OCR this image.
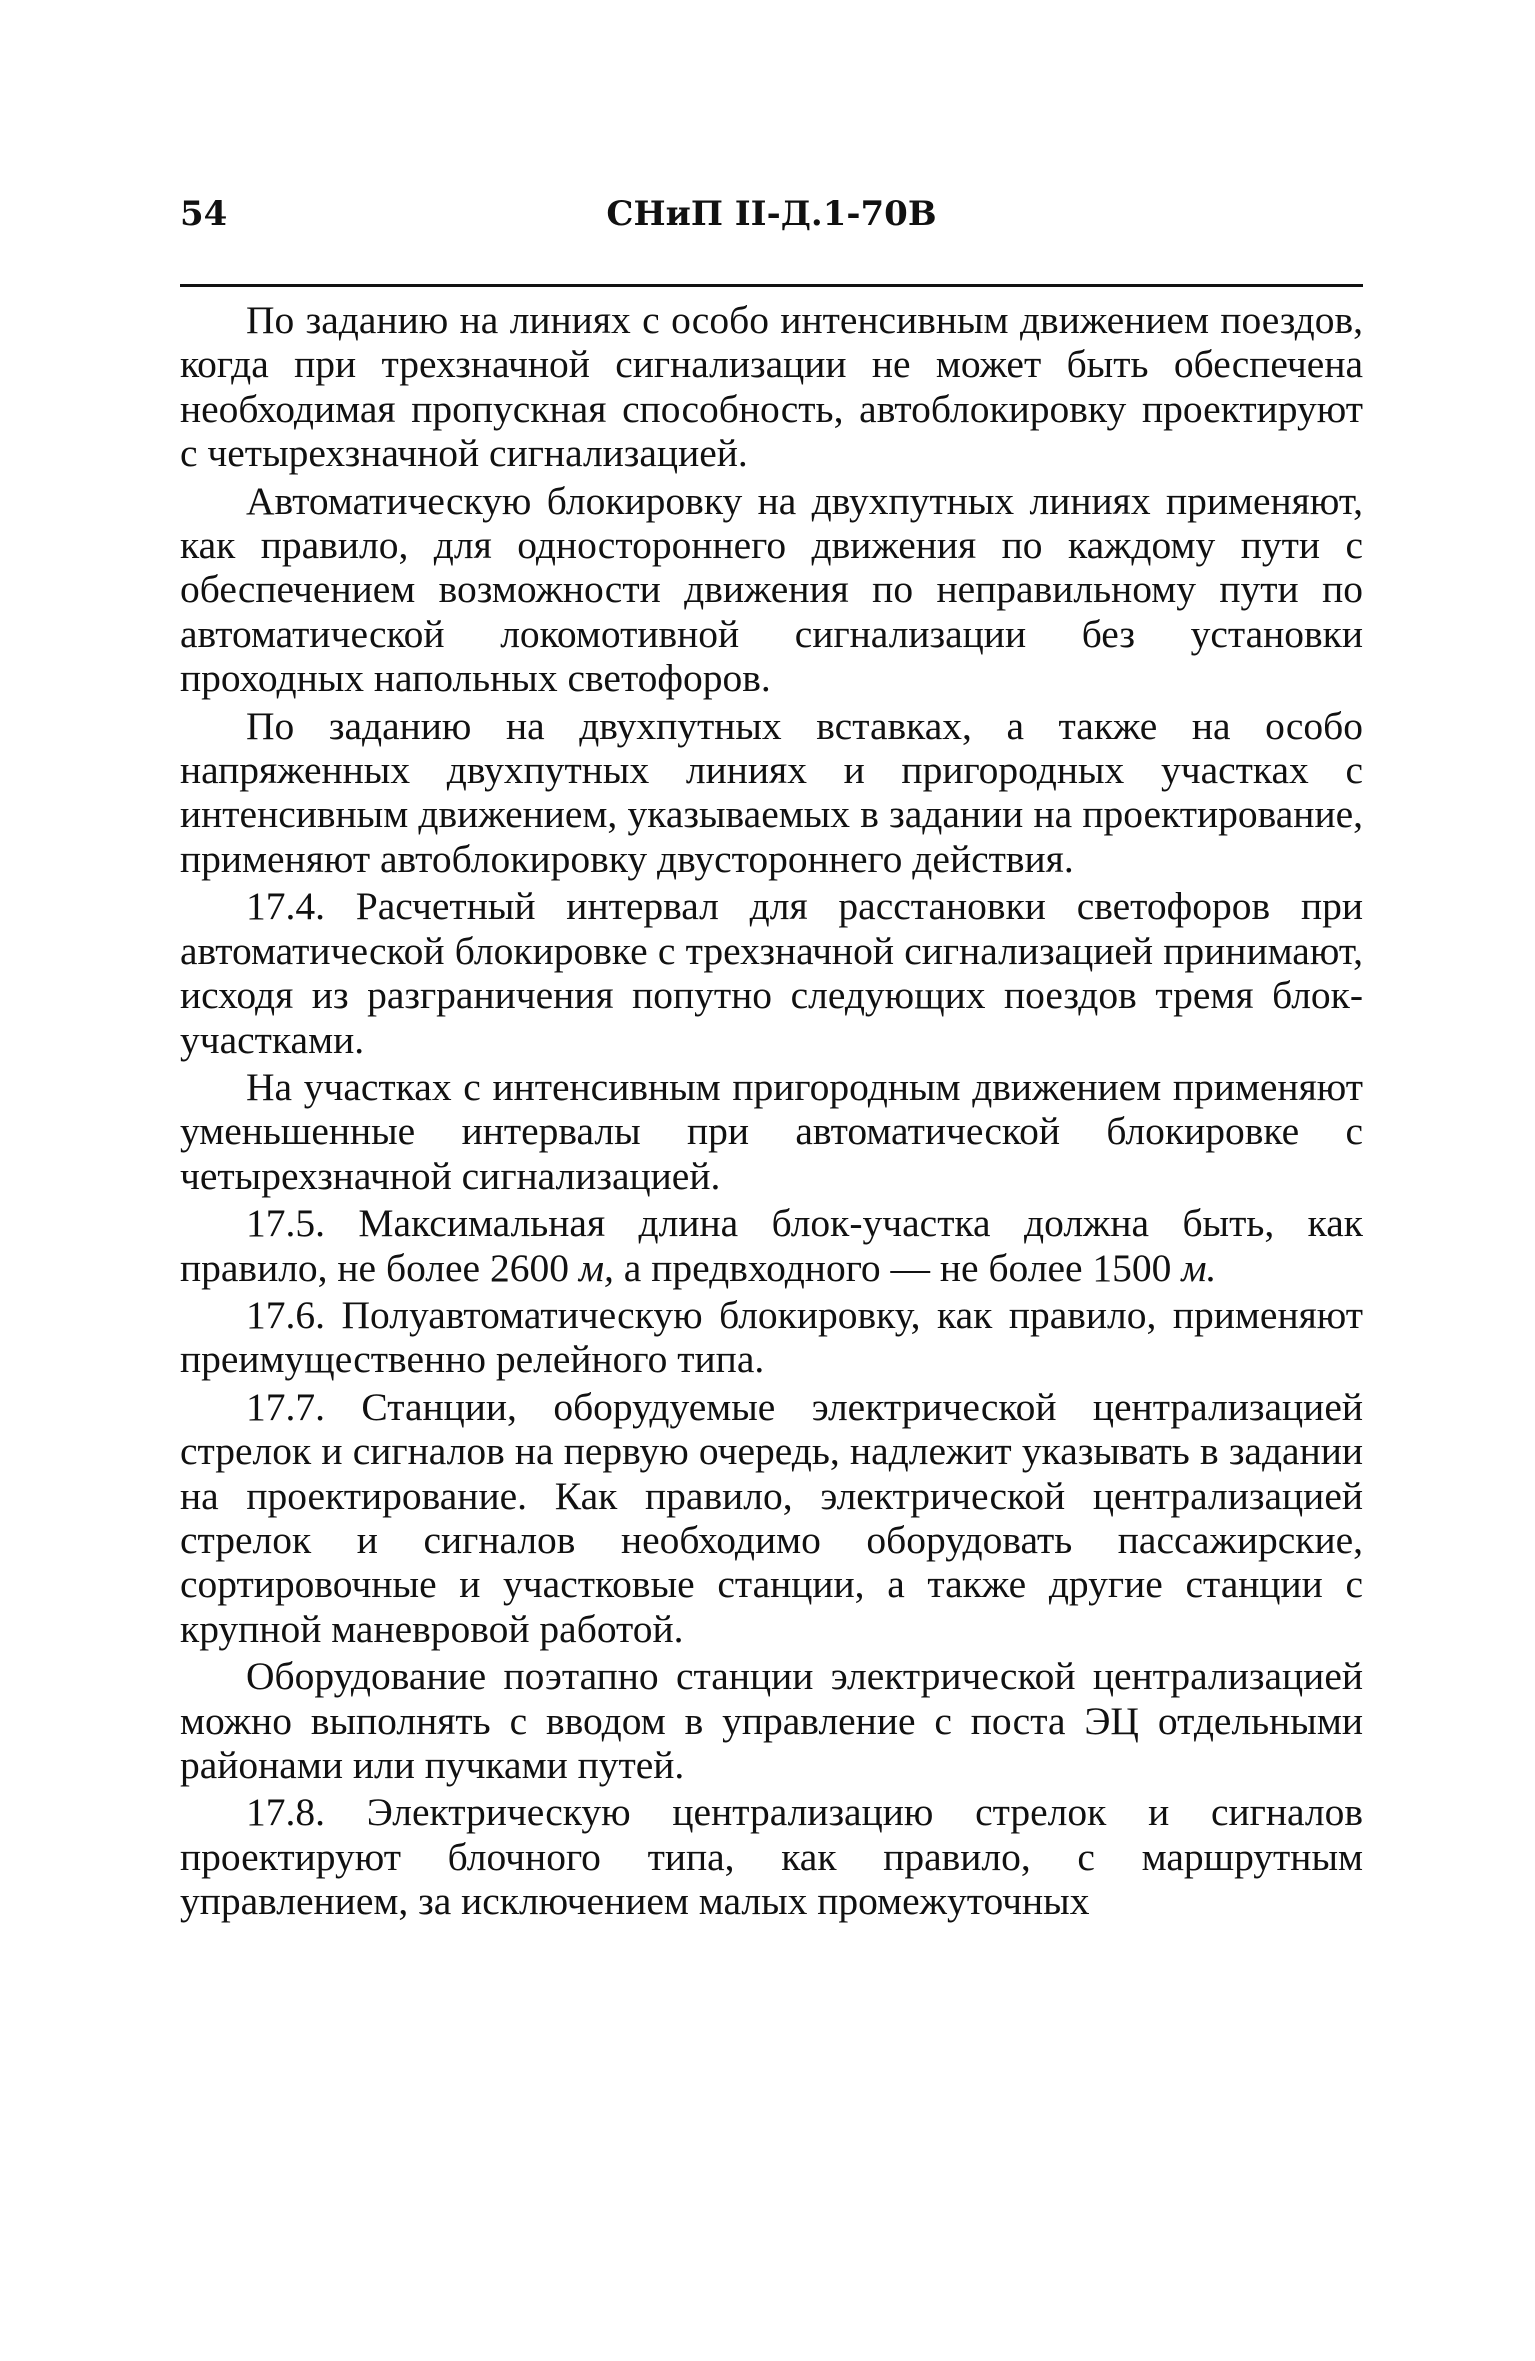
54	СНиП II-Д.1-70В

По заданию на линиях с особо интенсивным движением поездов, когда при трехзначной сигнализации не может быть обеспечена необходимая пропускная способность, автоблокировку проектируют с четырехзначной сигнализацией.

Автоматическую блокировку на двухпутных линиях применяют, как правило, для одностороннего движения по каждому пути с обеспечением возможности движения по неправильному пути по автоматической локомотивной сигнализации без установки проходных напольных светофоров.

По заданию на двухпутных вставках, а также на особо напряженных двухпутных линиях и пригородных участках с интенсивным движением, указываемых в задании на проектирование, применяют автоблокировку двустороннего действия.

17.4. Расчетный интервал для расстановки светофоров при автоматической блокировке с трехзначной сигнализацией принимают, исходя из разграничения попутно следующих поездов тремя блок-участками.

На участках с интенсивным пригородным движением применяют уменьшенные интервалы при автоматической блокировке с четырехзначной сигнализацией.

17.5. Максимальная длина блок-участка должна быть, как правило, не более 2600 м, а предвходного — не более 1500 м.

17.6. Полуавтоматическую блокировку, как правило, применяют преимущественно релейного типа.

17.7. Станции, оборудуемые электрической централизацией стрелок и сигналов на первую очередь, надлежит указывать в задании на проектирование. Как правило, электрической централизацией стрелок и сигналов необходимо оборудовать пассажирские, сортировочные и участковые станции, а также другие станции с крупной маневровой работой.

Оборудование поэтапно станции электрической централизацией можно выполнять с вводом в управление с поста ЭЦ отдельными районами или пучками путей.

17.8. Электрическую централизацию стрелок и сигналов проектируют блочного типа, как правило, с маршрутным управлением, за исключением малых промежуточных
